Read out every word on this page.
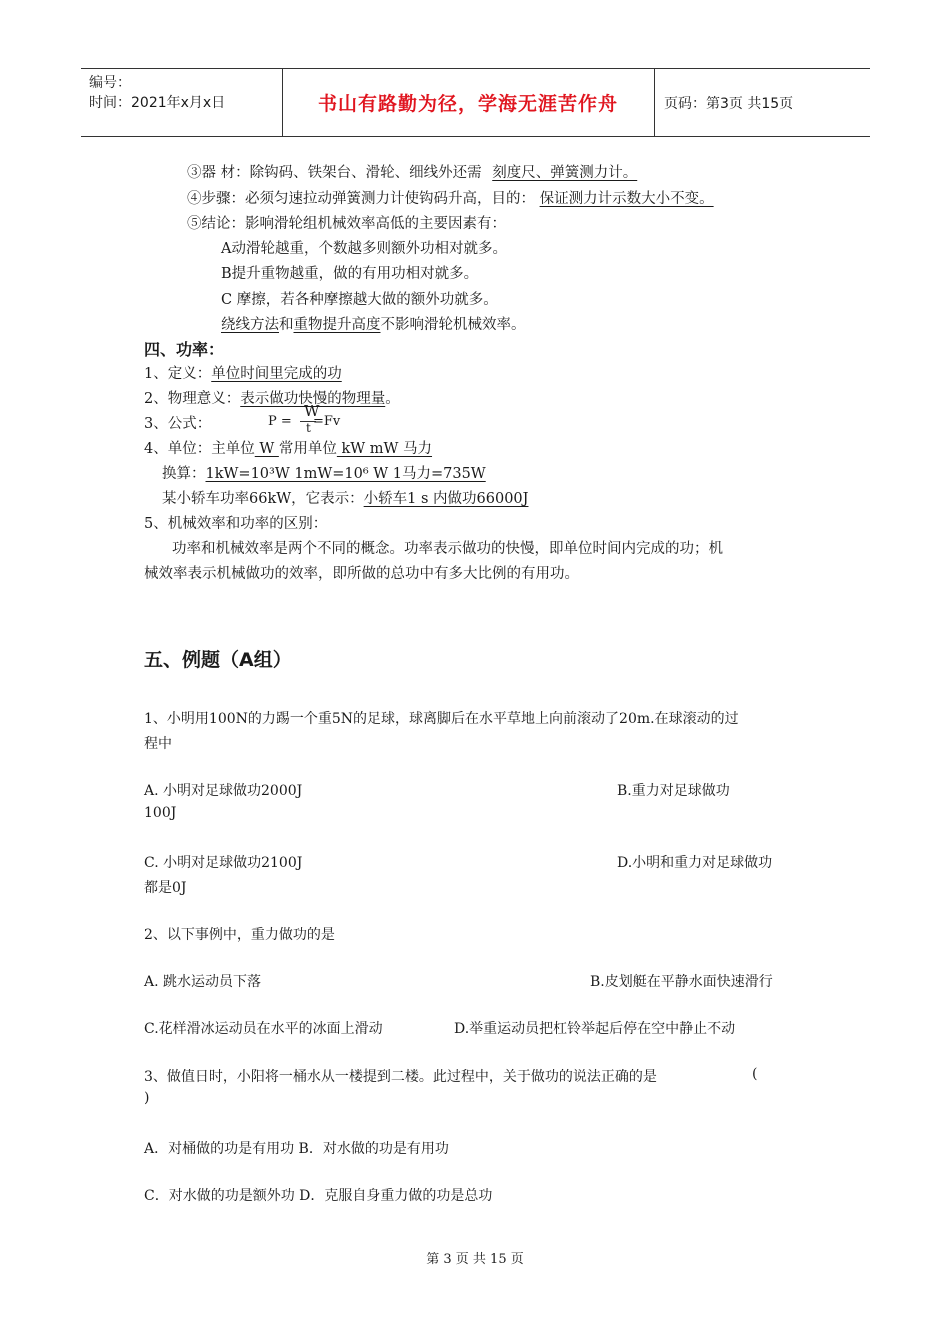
编号：
时间：2021年x月x日	书山有路勤为径，学海无涯苦作舟	页码：第3页 共15页
③器 材：除钩码、铁架台、滑轮、细线外还需 刻度尺、弹簧测力计。
④步骤：必须匀速拉动弹簧测力计使钩码升高，目的： 保证测力计示数大小不变。
⑤结论：影响滑轮组机械效率高低的主要因素有：
A动滑轮越重，个数越多则额外功相对就多。
B提升重物越重，做的有用功相对就多。
C 摩擦，若各种摩擦越大做的额外功就多。
绕线方法和重物提升高度不影响滑轮机械效率。
四、功率：
1、定义：单位时间里完成的功
2、物理意义：表示做功快慢的物理量。
3、公式：	P =
W
t =Fv
4、单位：主单位 W 常用单位 kW mW 马力
换算：1kW=10³W 1mW=10⁶ W 1马力=735W
某小轿车功率66kW，它表示：小轿车1 s 内做功66000J
5、机械效率和功率的区别：
功率和机械效率是两个不同的概念。功率表示做功的快慢，即单位时间内完成的功；机
械效率表示机械做功的效率，即所做的总功中有多大比例的有用功。
五、例题（A组）
1、小明用100N的力踢一个重5N的足球，球离脚后在水平草地上向前滚动了20m.在球滚动的过
程中
A. 小明对足球做功2000J	B.重力对足球做功
100J
C. 小明对足球做功2100J	D.小明和重力对足球做功
都是0J
2、以下事例中，重力做功的是
A. 跳水运动员下落	B.皮划艇在平静水面快速滑行
C.花样滑冰运动员在水平的冰面上滑动	D.举重运动员把杠铃举起后停在空中静止不动
3、做值日时，小阳将一桶水从一楼提到二楼。此过程中，关于做功的说法正确的是	(
)
A．对桶做的功是有用功 B．对水做的功是有用功
C．对水做的功是额外功 D．克服自身重力做的功是总功
第 3 页 共 15 页
